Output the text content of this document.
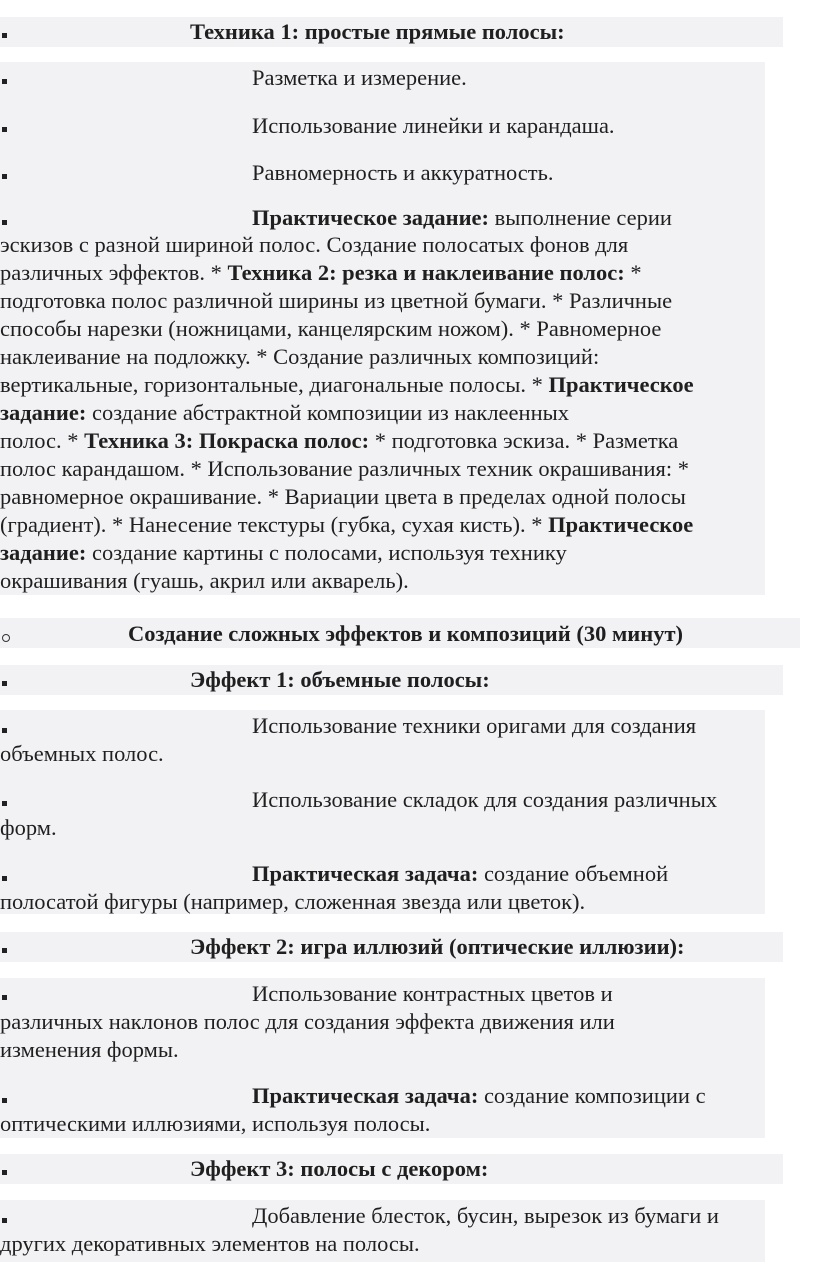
Техника 1: простые прямые полосы:
Разметка и измерение.
Использование линейки и карандаша.
Равномерность и аккуратность.
Практическое задание: выполнение серии
эскизов с разной шириной полос. Создание полосатых фонов для
различных эффектов. * Техника 2: резка и наклеивание полос: *
подготовка полос различной ширины из цветной бумаги. * Различные
способы нарезки (ножницами, канцелярским ножом). * Равномерное
наклеивание на подложку. * Создание различных композиций:
вертикальные, горизонтальные, диагональные полосы. * Практическое
задание: создание абстрактной композиции из наклеенных
полос. * Техника 3: Покраска полос: * подготовка эскиза. * Разметка
полос карандашом. * Использование различных техник окрашивания: *
равномерное окрашивание. * Вариации цвета в пределах одной полосы
(градиент). * Нанесение текстуры (губка, сухая кисть). * Практическое
задание: создание картины с полосами, используя технику
окрашивания (гуашь, акрил или акварель).
Создание сложных эффектов и композиций (30 минут)
Эффект 1: объемные полосы:
Использование техники оригами для создания
объемных полос.
Использование складок для создания различных
форм.
Практическая задача: создание объемной
полосатой фигуры (например, сложенная звезда или цветок).
Эффект 2: игра иллюзий (оптические иллюзии):
Использование контрастных цветов и
различных наклонов полос для создания эффекта движения или
изменения формы.
Практическая задача: создание композиции с
оптическими иллюзиями, используя полосы.
Эффект 3: полосы с декором:
Добавление блесток, бусин, вырезок из бумаги и
других декоративных элементов на полосы.
